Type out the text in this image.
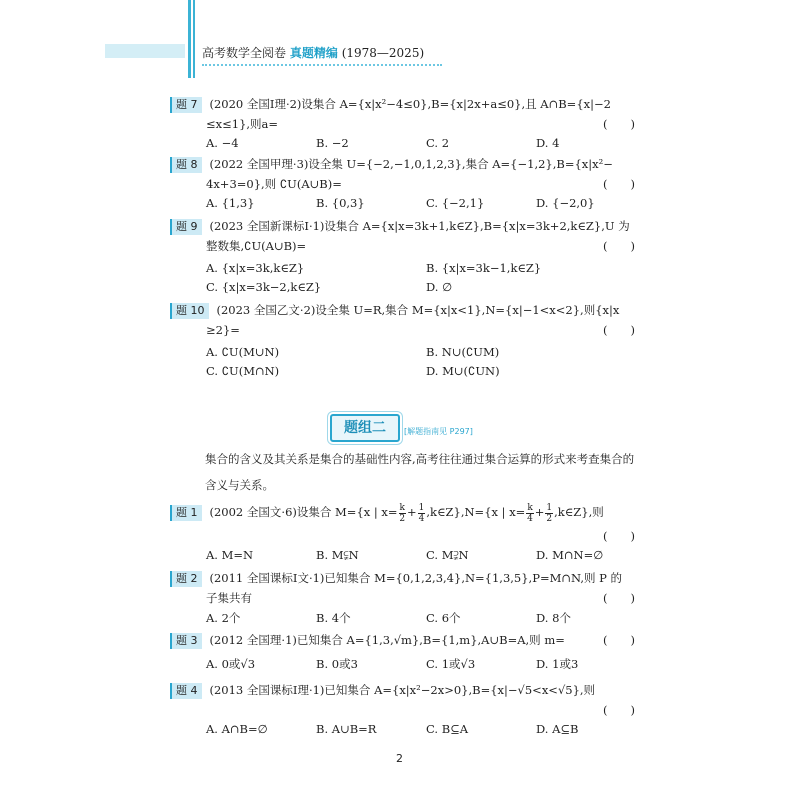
高考数学全阅卷 真题精编 (1978—2025)
题 7 (2020 全国Ⅰ理·2)设集合 A={x|x²−4≤0},B={x|2x+a≤0},且 A∩B={x|−2
≤x≤1},则a=	(　　)
A. −4	B. −2	C. 2	D. 4
题 8 (2022 全国甲理·3)设全集 U={−2,−1,0,1,2,3},集合 A={−1,2},B={x|x²−
4x+3=0},则 ∁U(A∪B)=	(　　)
A. {1,3}	B. {0,3}	C. {−2,1}	D. {−2,0}
题 9 (2023 全国新课标Ⅰ·1)设集合 A={x|x=3k+1,k∈Z},B={x|x=3k+2,k∈Z},U 为
整数集,∁U(A∪B)=	(　　)
A. {x|x=3k,k∈Z}	B. {x|x=3k−1,k∈Z}
C. {x|x=3k−2,k∈Z}	D. ∅
题 10 (2023 全国乙文·2)设全集 U=R,集合 M={x|x<1},N={x|−1<x<2},则{x|x
≥2}=	(　　)
A. ∁U(M∪N)	B. N∪(∁UM)
C. ∁U(M∩N)	D. M∪(∁UN)
题组二	[解题指南见 P297]
集合的含义及其关系是集合的基础性内容,高考往往通过集合运算的形式来考查集合的含义与关系。
题 1 (2002 全国文·6)设集合 M={x | $x= \frac{k}{2} + \frac{1}{4}$ ,k∈Z},N={x | $x= \frac{k}{4} + \frac{1}{2}$ ,k∈Z},则
(　　)
A. M=N	B. M⫋N	C. M⫌N	D. M∩N=∅
题 2 (2011 全国课标Ⅰ文·1)已知集合 M={0,1,2,3,4},N={1,3,5},P=M∩N,则 P 的
子集共有	(　　)
A. 2个	B. 4个	C. 6个	D. 8个
题 3 (2012 全国理·1)已知集合 A={1,3,√m},B={1,m},A∪B=A,则 m=	(　　)
A. 0或√3	B. 0或3	C. 1或√3	D. 1或3
题 4 (2013 全国课标Ⅰ理·1)已知集合 A={x|x²−2x>0},B={x|−√5<x<√5},则
(　　)
A. A∩B=∅	B. A∪B=R	C. B⊆A	D. A⊆B
2
